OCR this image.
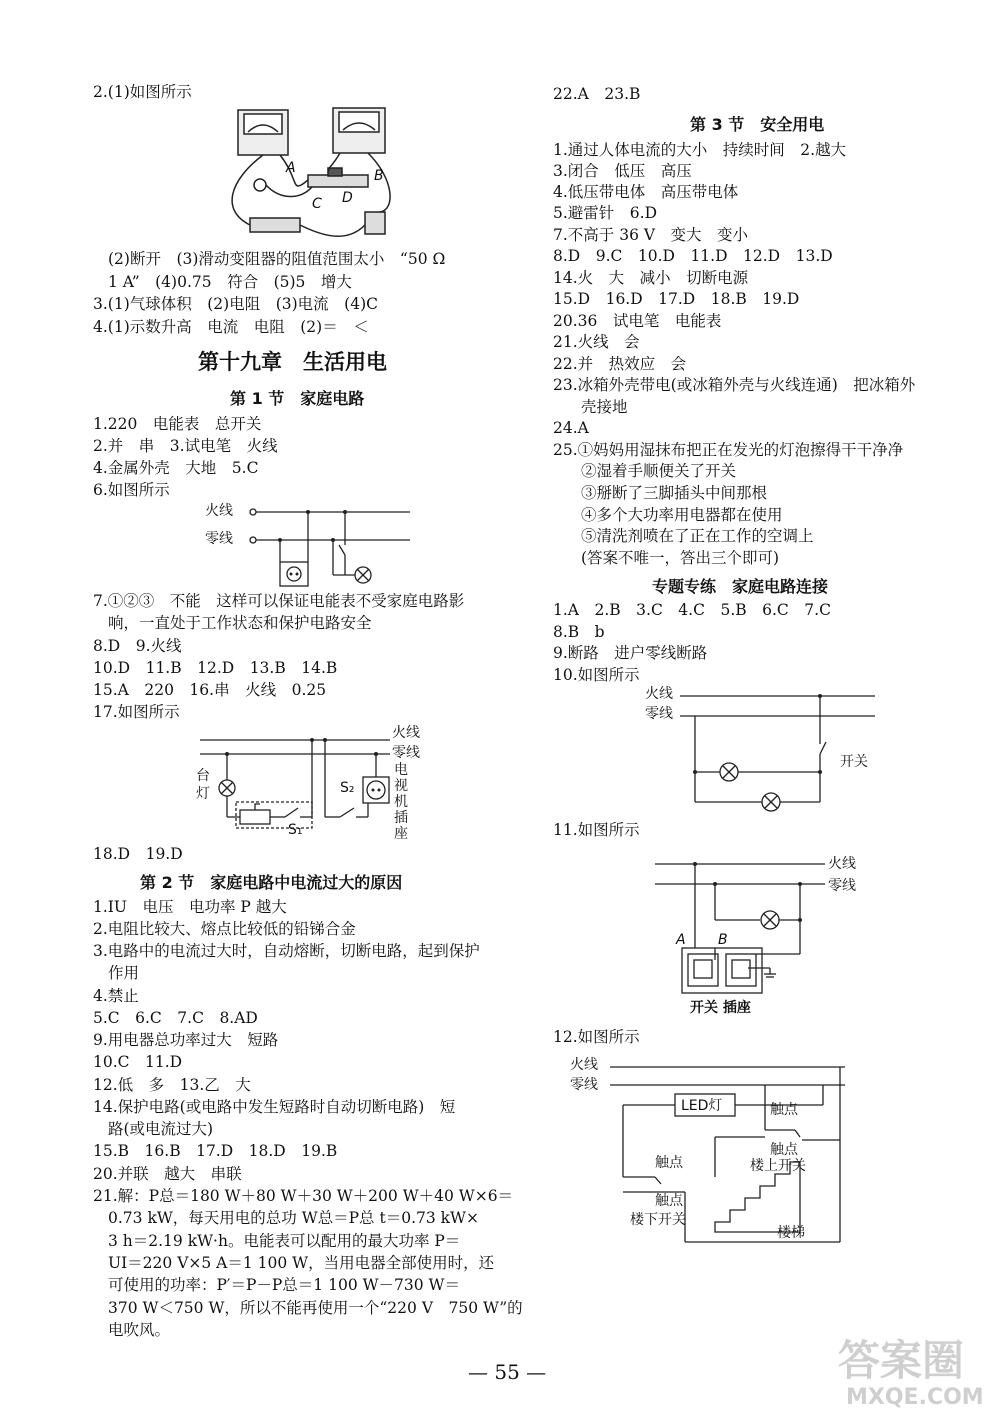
2.(1)如图所示
A	B
C D
(2)断开　(3)滑动变阻器的阻值范围太小　“50 Ω
1 A”　(4)0.75　符合　(5)5　增大
3.(1)气球体积　(2)电阻　(3)电流　(4)C
4.(1)示数升高　电流　电阻　(2)＝　＜
第十九章　生活用电
第 1 节　家庭电路
1.220　电能表　总开关
2.并　串　3.试电笔　火线
4.金属外壳　大地　5.C
6.如图所示
火线
零线
7.①②③　不能　这样可以保证电能表不受家庭电路影
响，一直处于工作状态和保护电路安全
8.D　9.火线
10.D　11.B　12.D　13.B　14.B
15.A　220　16.串　火线　0.25
17.如图所示
火线
零线
台
灯
S₁
S₂
电
视
机
插
座
18.D　19.D
第 2 节　家庭电路中电流过大的原因
1.IU　电压　电功率 P 越大
2.电阻比较大、熔点比较低的铅锑合金
3.电路中的电流过大时，自动熔断，切断电路，起到保护
作用
4.禁止
5.C　6.C　7.C　8.AD
9.用电器总功率过大　短路
10.C　11.D
12.低　多　13.乙　大
14.保护电路(或电路中发生短路时自动切断电路)　短
路(或电流过大)
15.B　16.B　17.D　18.D　19.B
20.并联　越大　串联
21.解：P总＝180 W＋80 W＋30 W＋200 W＋40 W×6＝
0.73 kW，每天用电的总功 W总＝P总 t＝0.73 kW×
3 h＝2.19 kW·h。电能表可以配用的最大功率 P＝
UI＝220 V×5 A＝1 100 W，当用电器全部使用时，还
可使用的功率：P′＝P－P总＝1 100 W－730 W＝
370 W＜750 W，所以不能再使用一个“220 V　750 W”的
电吹风。
22.A　23.B
第 3 节　安全用电
1.通过人体电流的大小　持续时间　2.越大
3.闭合　低压　高压
4.低压带电体　高压带电体
5.避雷针　6.D
7.不高于 36 V　变大　变小
8.D　9.C　10.D　11.D　12.D　13.D
14.火　大　减小　切断电源
15.D　16.D　17.D　18.B　19.D
20.36　试电笔　电能表
21.火线　会
22.并　热效应　会
23.冰箱外壳带电(或冰箱外壳与火线连通)　把冰箱外
壳接地
24.A
25.①妈妈用湿抹布把正在发光的灯泡擦得干干净净
②湿着手顺便关了开关
③掰断了三脚插头中间那根
④多个大功率用电器都在使用
⑤清洗剂喷在了正在工作的空调上
(答案不唯一，答出三个即可)
专题专练　家庭电路连接
1.A　2.B　3.C　4.C　5.B　6.C　7.C
8.B　b
9.断路　进户零线断路
10.如图所示
火线
零线
开关
11.如图所示
火线
零线
A B
开关 插座
12.如图所示
火线
零线
LED灯	触点
触点
触点
触点
楼上开关
楼下开关
楼梯
— 55 —	答案圈
MXQE.COM
